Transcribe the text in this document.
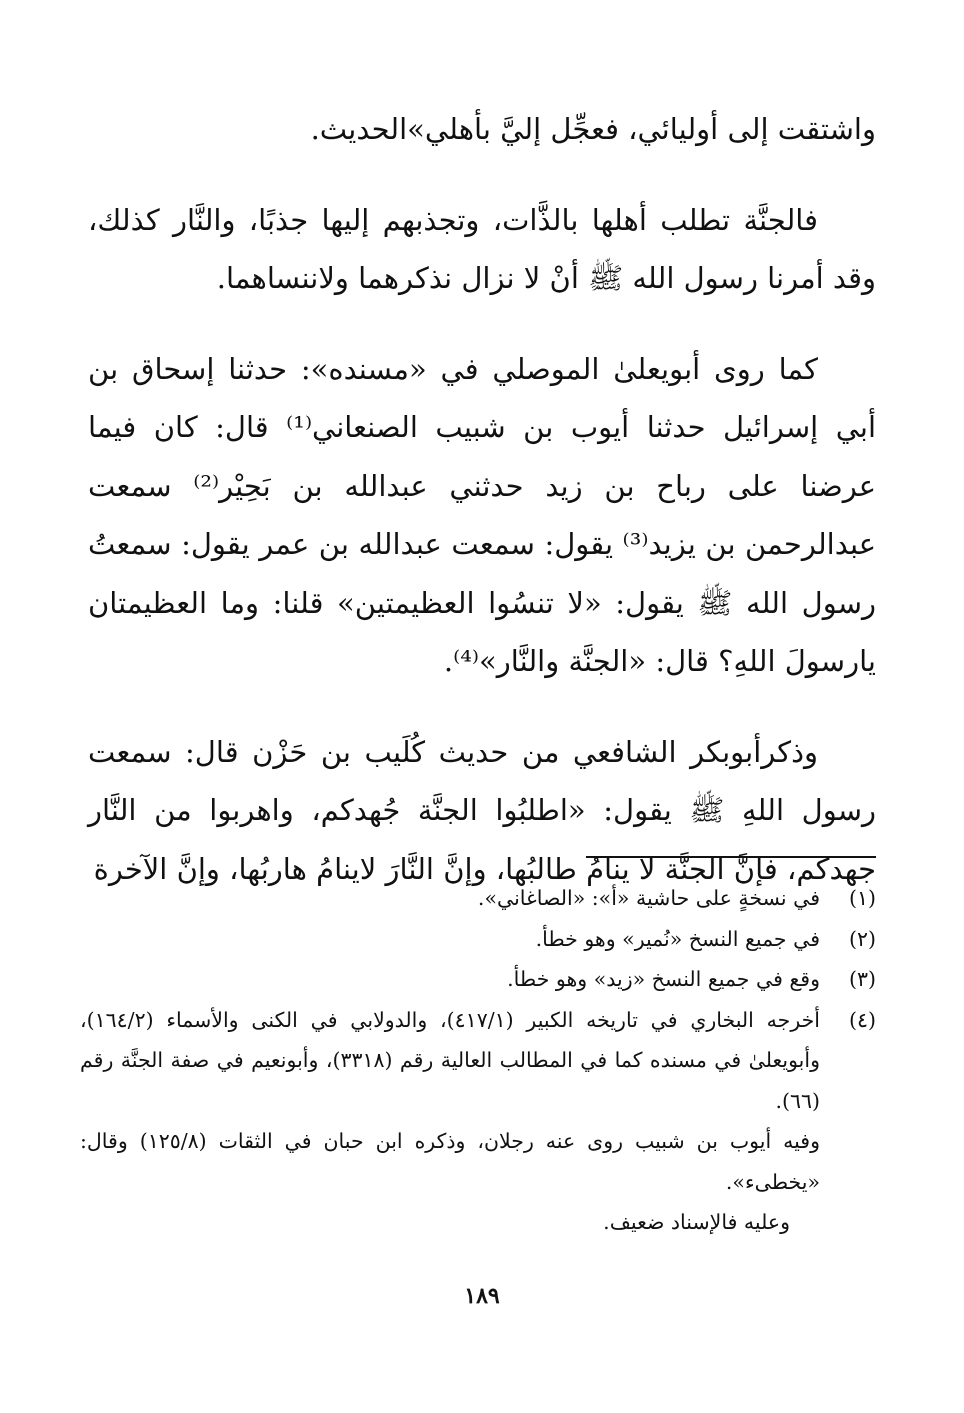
واشتقت إلى أوليائي، فعجِّل إليَّ بأهلي»الحديث.

فالجنَّة تطلب أهلها بالذَّات، وتجذبهم إليها جذبًا، والنَّار كذلك، وقد أمرنا رسول الله ﷺ أنْ لا نزال نذكرهما ولاننساهما.

كما روى أبويعلىٰ الموصلي في «مسنده»: حدثنا إسحاق بن أبي إسرائيل حدثنا أيوب بن شبيب الصنعاني⁽¹⁾ قال: كان فيما عرضنا على رباح بن زيد حدثني عبدالله بن بَحِيْر⁽²⁾ سمعت عبدالرحمن بن يزيد⁽³⁾ يقول: سمعت عبدالله بن عمر يقول: سمعتُ رسول الله ﷺ يقول: «لا تنسُوا العظيمتين» قلنا: وما العظيمتان يارسولَ اللهِ؟ قال: «الجنَّة والنَّار»⁽⁴⁾.

وذكرأبوبكر الشافعي من حديث كُلَيب بن حَزْن قال: سمعت رسول اللهِ ﷺ يقول: «اطلبُوا الجنَّة جُهدكم، واهربوا من النَّار جهدكم، فإنَّ الجنَّة لا ينامُ طالبُها، وإنَّ النَّارَ لاينامُ هاربُها، وإنَّ الآخرة

(١)
في نسخةٍ على حاشية «أ»: «الصاغاني».
(٢)
في جميع النسخ «نُمير» وهو خطأ.
(٣)
وقع في جميع النسخ «زيد» وهو خطأ.
(٤)
أخرجه البخاري في تاريخه الكبير (٤١٧/١)، والدولابي في الكنى والأسماء (١٦٤/٢)، وأبويعلىٰ في مسنده كما في المطالب العالية رقم (٣٣١٨)، وأبونعيم في صفة الجنَّة رقم (٦٦).
وفيه أيوب بن شبيب روى عنه رجلان، وذكره ابن حبان في الثقات (١٢٥/٨) وقال: «يخطىء».
وعليه فالإسناد ضعيف.
١٨٩
